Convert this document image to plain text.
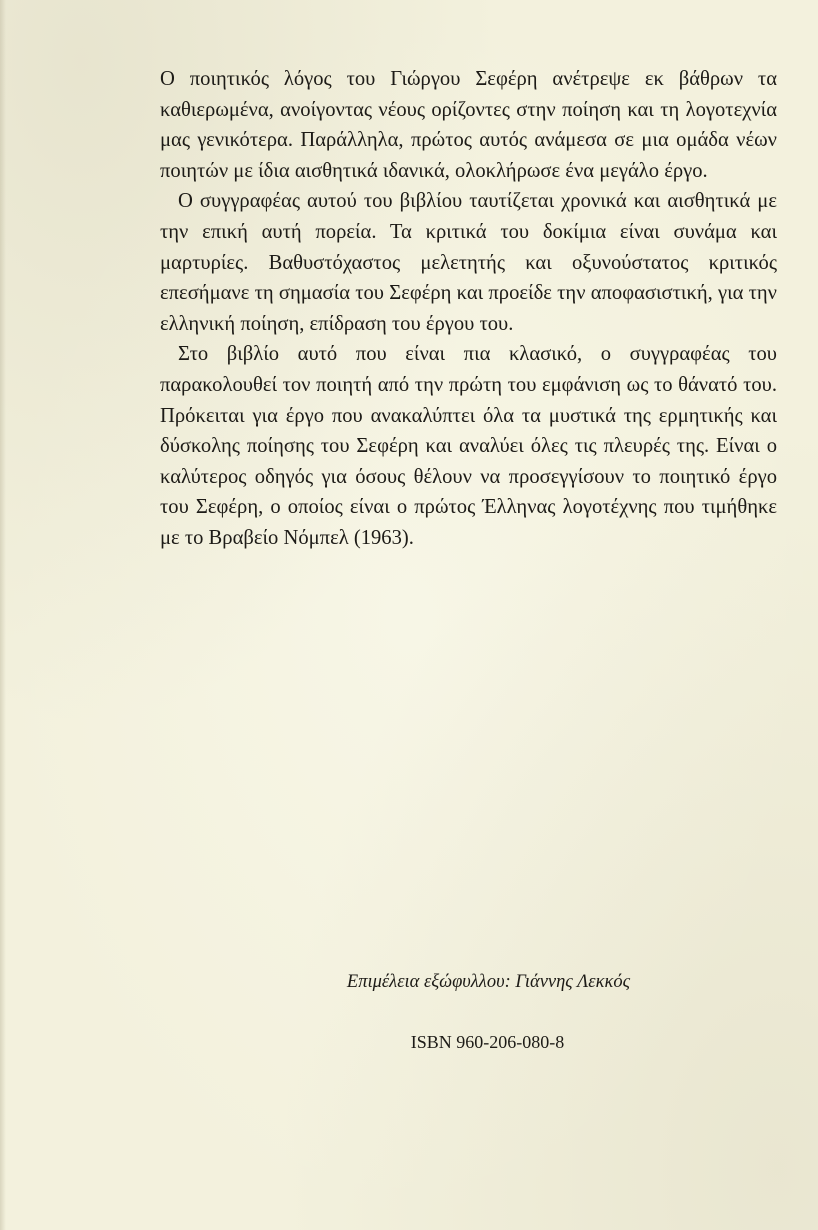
Ο ποιητικός λόγος του Γιώργου Σεφέρη ανέτρεψε εκ βάθρων τα καθιερωμένα, ανοίγοντας νέους ορίζοντες στην ποίηση και τη λογοτεχνία μας γενικότερα. Παράλληλα, πρώτος αυτός ανάμεσα σε μια ομάδα νέων ποιητών με ίδια αισθητικά ιδανικά, ολοκλήρωσε ένα μεγάλο έργο.

Ο συγγραφέας αυτού του βιβλίου ταυτίζεται χρονικά και αισθητικά με την επική αυτή πορεία. Τα κριτικά του δοκίμια είναι συνάμα και μαρτυρίες. Βαθυστόχαστος μελετητής και οξυνούστατος κριτικός επεσήμανε τη σημασία του Σεφέρη και προείδε την αποφασιστική, για την ελληνική ποίηση, επίδραση του έργου του.

Στο βιβλίο αυτό που είναι πια κλασικό, ο συγγραφέας του παρακολουθεί τον ποιητή από την πρώτη του εμφάνιση ως το θάνατό του. Πρόκειται για έργο που ανακαλύπτει όλα τα μυστικά της ερμητικής και δύσκολης ποίησης του Σεφέρη και αναλύει όλες τις πλευρές της. Είναι ο καλύτερος οδηγός για όσους θέλουν να προσεγγίσουν το ποιητικό έργο του Σεφέρη, ο οποίος είναι ο πρώτος Έλληνας λογοτέχνης που τιμήθηκε με το Βραβείο Νόμπελ (1963).

Επιμέλεια εξώφυλλου: Γιάννης Λεκκός
ISBN 960-206-080-8
